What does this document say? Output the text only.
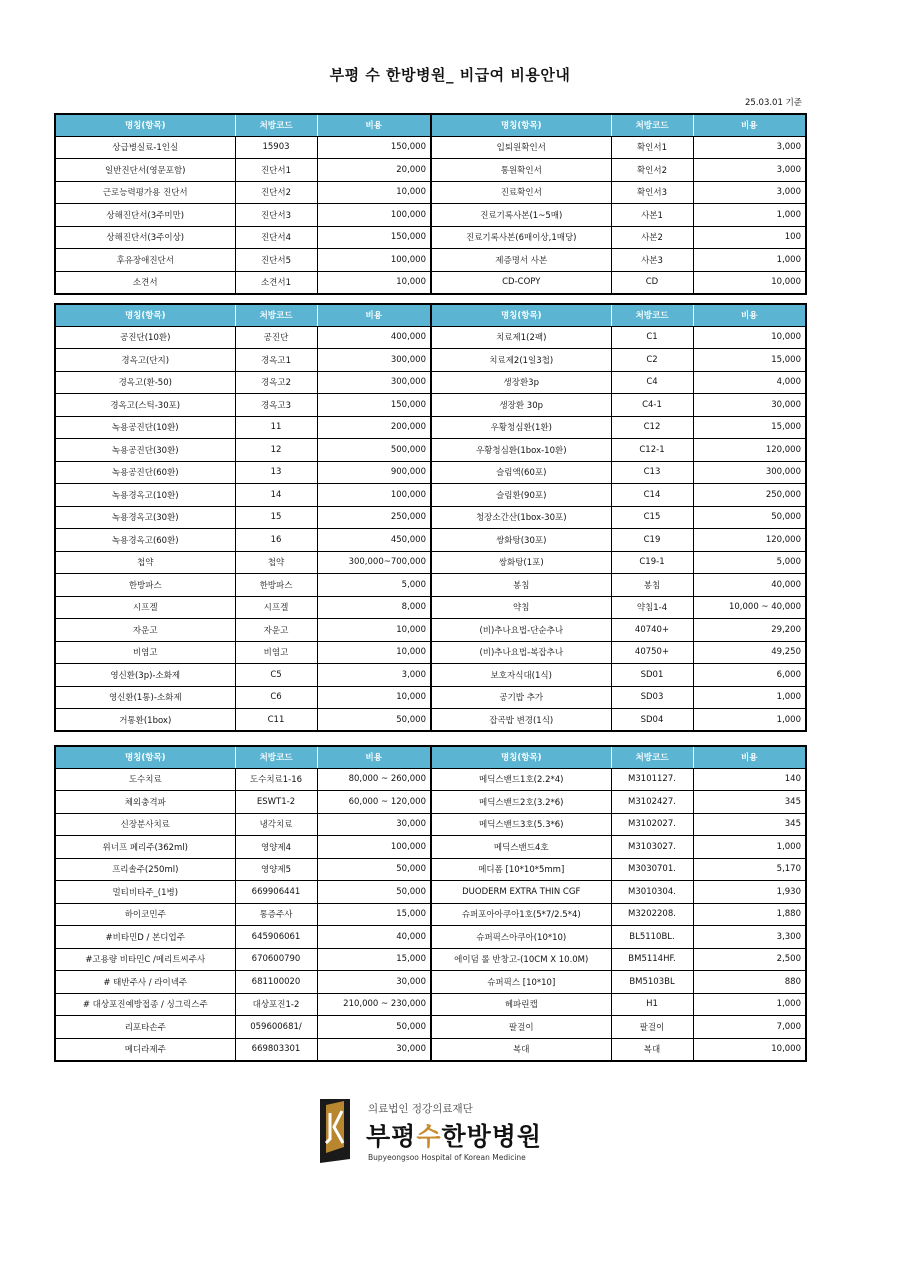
부평 수 한방병원_ 비급여 비용안내
25.03.01 기준
명칭(항목)	처방코드	비용	명칭(항목)	처방코드	비용
상급병실료-1인실	15903	150,000	입퇴원확인서	확인서1	3,000
일반진단서(영문포함)	진단서1	20,000	통원확인서	확인서2	3,000
근로능력평가용 진단서	진단서2	10,000	진료확인서	확인서3	3,000
상해진단서(3주미만)	진단서3	100,000	진료기록사본(1~5매)	사본1	1,000
상해진단서(3주이상)	진단서4	150,000	진료기록사본(6매이상,1매당)	사본2	100
후유장애진단서	진단서5	100,000	제증명서 사본	사본3	1,000
소견서	소견서1	10,000	CD-COPY	CD	10,000
명칭(항목)	처방코드	비용	명칭(항목)	처방코드	비용
공진단(10환)	공진단	400,000	치료제1(2팩)	C1	10,000
경옥고(단지)	경옥고1	300,000	치료제2(1일3첩)	C2	15,000
경옥고(환-50)	경옥고2	300,000	생장환3p	C4	4,000
경옥고(스틱-30포)	경옥고3	150,000	생장환 30p	C4-1	30,000
녹용공진단(10환)	11	200,000	우황청심환(1환)	C12	15,000
녹용공진단(30환)	12	500,000	우황청심환(1box-10환)	C12-1	120,000
녹용공진단(60환)	13	900,000	슬림액(60포)	C13	300,000
녹용경옥고(10환)	14	100,000	슬림환(90포)	C14	250,000
녹용경옥고(30환)	15	250,000	청장소간산(1box-30포)	C15	50,000
녹용경옥고(60환)	16	450,000	쌍화탕(30포)	C19	120,000
첩약	첩약	300,000~700,000	쌍화탕(1포)	C19-1	5,000
한방파스	한방파스	5,000	봉침	봉침	40,000
시프겔	시프겔	8,000	약침	약침1-4	10,000 ~ 40,000
자운고	자운고	10,000	(비)추나요법-단순추나	40740+	29,200
비염고	비염고	10,000	(비)추나요법-복잡추나	40750+	49,250
영신환(3p)-소화제	C5	3,000	보호자식대(1식)	SD01	6,000
영신환(1통)-소화제	C6	10,000	공기밥 추가	SD03	1,000
거통환(1box)	C11	50,000	잡곡밥 변경(1식)	SD04	1,000
명칭(항목)	처방코드	비용	명칭(항목)	처방코드	비용
도수치료	도수치료1-16	80,000 ~ 260,000	메딕스밴드1호(2.2*4)	M3101127.	140
체외충격파	ESWT1-2	60,000 ~ 120,000	메딕스밴드2호(3.2*6)	M3102427.	345
신장분사치료	냉각치료	30,000	메딕스밴드3호(5.3*6)	M3102027.	345
위너프 페리주(362ml)	영양제4	100,000	메딕스밴드4호	M3103027.	1,000
프리솔주(250ml)	영양제5	50,000	메디폼 [10*10*5mm]	M3030701.	5,170
멀티비타주_(1병)	669906441	50,000	DUODERM EXTRA THIN CGF	M3010304.	1,930
하이코민주	통증주사	15,000	슈퍼포아아쿠아1호(5*7/2.5*4)	M3202208.	1,880
#비타민D / 본디업주	645906061	40,000	슈퍼픽스아쿠아(10*10)	BL5110BL.	3,300
#고용량 비타민C /메리트씨주사	670600790	15,000	에이덤 롤 반창고-(10CM X 10.0M)	BM5114HF.	2,500
# 태반주사 / 라이넥주	681100020	30,000	슈퍼픽스 [10*10]	BM5103BL	880
# 대상포진예방접종 / 싱그릭스주	대상포진1-2	210,000 ~ 230,000	헤파린캡	H1	1,000
리포타손주	059600681/	50,000	팔걸이	팔걸이	7,000
메디라제주	669803301	30,000	복대	복대	10,000
의료법인 정강의료재단
부평수한방병원
Bupyeongsoo Hospital of Korean Medicine
